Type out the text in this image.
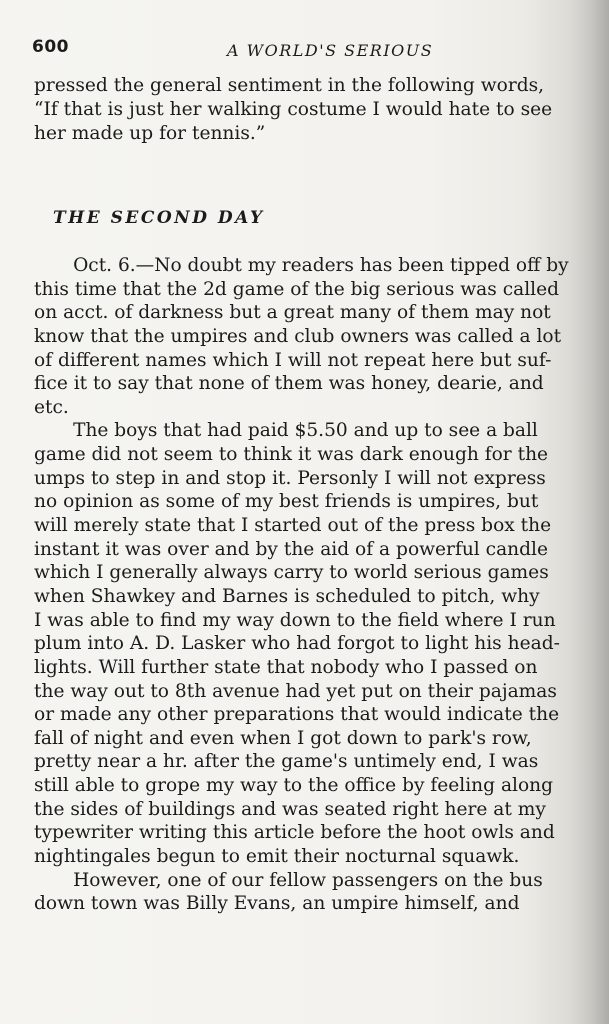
600	A WORLD'S SERIOUS
pressed the general sentiment in the following words,
“If that is just her walking costume I would hate to see
her made up for tennis.”
THE SECOND DAY
Oct. 6.—No doubt my readers has been tipped off by
this time that the 2d game of the big serious was called
on acct. of darkness but a great many of them may not
know that the umpires and club owners was called a lot
of different names which I will not repeat here but suf-
fice it to say that none of them was honey, dearie, and
etc.
The boys that had paid $5.50 and up to see a ball
game did not seem to think it was dark enough for the
umps to step in and stop it. Personly I will not express
no opinion as some of my best friends is umpires, but
will merely state that I started out of the press box the
instant it was over and by the aid of a powerful candle
which I generally always carry to world serious games
when Shawkey and Barnes is scheduled to pitch, why
I was able to find my way down to the field where I run
plum into A. D. Lasker who had forgot to light his head-
lights. Will further state that nobody who I passed on
the way out to 8th avenue had yet put on their pajamas
or made any other preparations that would indicate the
fall of night and even when I got down to park's row,
pretty near a hr. after the game's untimely end, I was
still able to grope my way to the office by feeling along
the sides of buildings and was seated right here at my
typewriter writing this article before the hoot owls and
nightingales begun to emit their nocturnal squawk.
However, one of our fellow passengers on the bus
down town was Billy Evans, an umpire himself, and
